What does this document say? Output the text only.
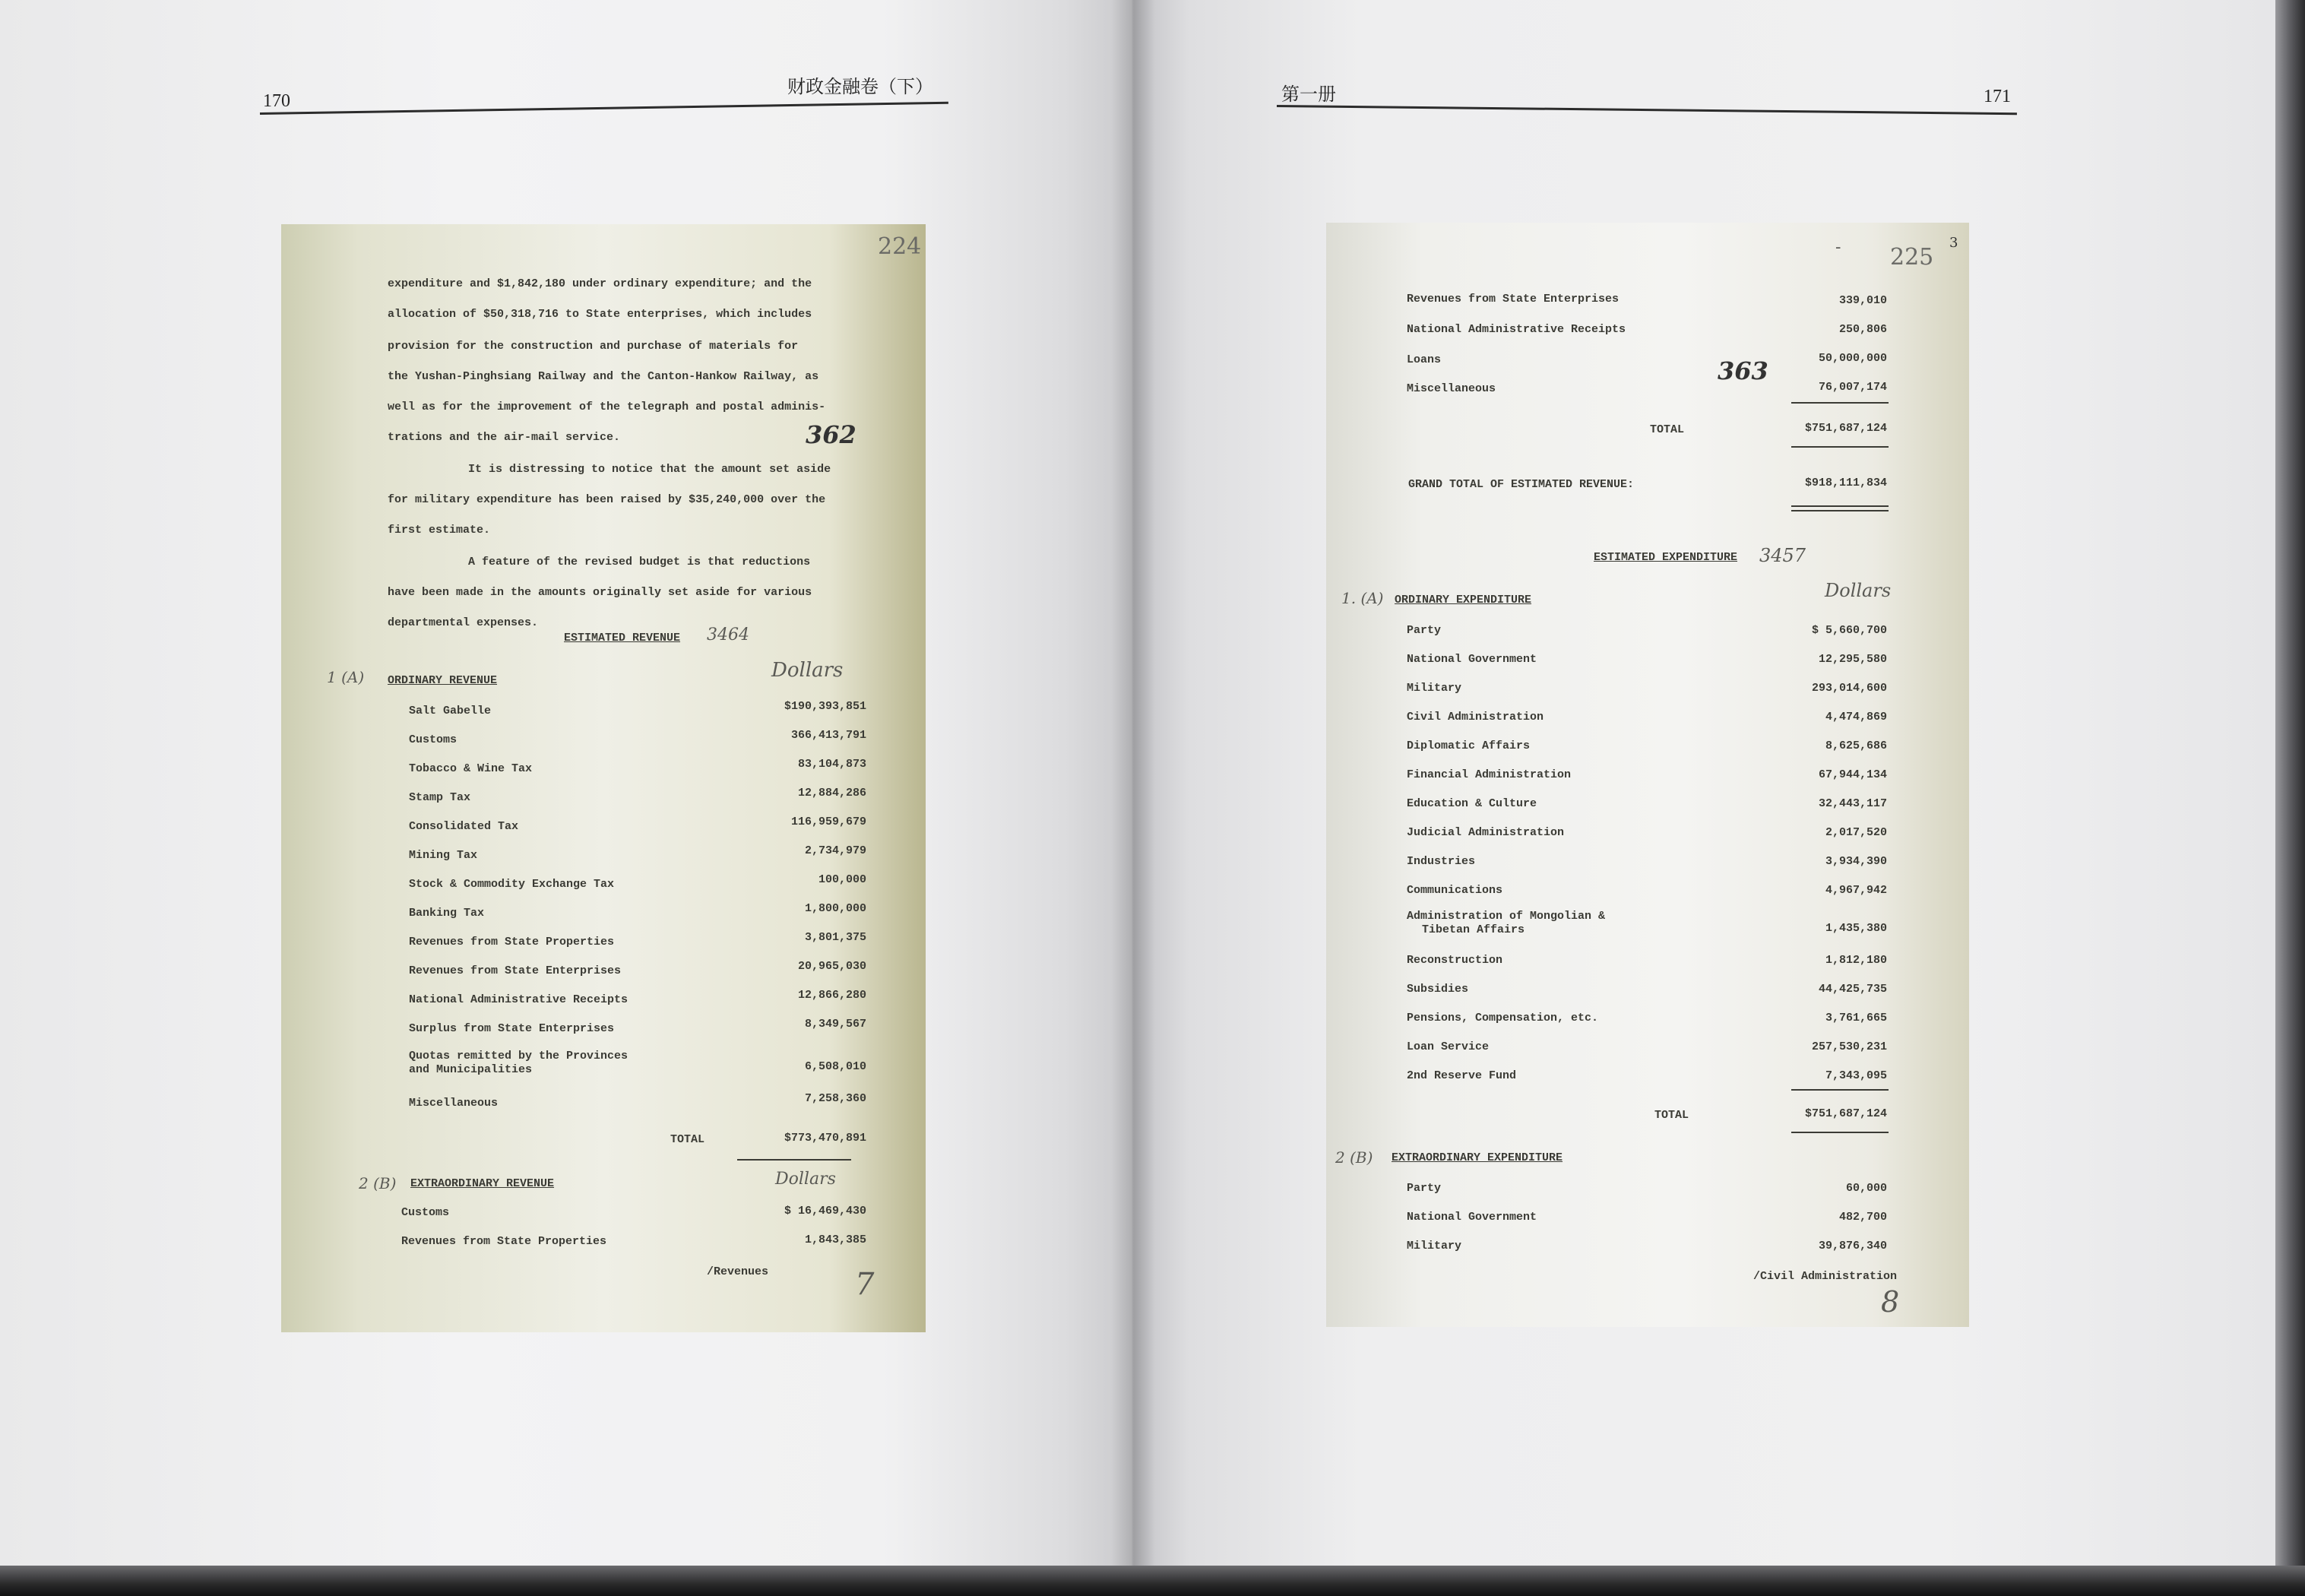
170
财政金融卷（下）	第一册	171
224
expenditure and $1,842,180 under ordinary expenditure; and the
allocation of $50,318,716 to State enterprises, which includes
provision for the construction and purchase of materials for
the Yushan-Pinghsiang Railway and the Canton-Hankow Railway, as
well as for the improvement of the telegraph and postal adminis-
trations and the air-mail service.	362
It is distressing to notice that the amount set aside
for military expenditure has been raised by $35,240,000 over the
first estimate.
A feature of the revised budget is that reductions
have been made in the amounts originally set aside for various
departmental expenses.
ESTIMATED REVENUE 3464
1 (A) ORDINARY REVENUE	Dollars
Salt Gabelle	$190,393,851
Customs	366,413,791
Tobacco & Wine Tax	83,104,873
Stamp Tax	12,884,286
Consolidated Tax	116,959,679
Mining Tax	2,734,979
Stock & Commodity Exchange Tax	100,000
Banking Tax	1,800,000
Revenues from State Properties	3,801,375
Revenues from State Enterprises	20,965,030
National Administrative Receipts	12,866,280
Surplus from State Enterprises	8,349,567
Quotas remitted by the Provinces
and Municipalities	6,508,010
Miscellaneous	7,258,360
TOTAL	$773,470,891
2 (B) EXTRAORDINARY REVENUE	Dollars
Customs	$ 16,469,430
Revenues from State Properties	1,843,385
/Revenues	7
- 225
3
Revenues from State Enterprises	339,010
National Administrative Receipts	250,806
Loans	50,000,000
363
Miscellaneous	76,007,174
TOTAL	$751,687,124
GRAND TOTAL OF ESTIMATED REVENUE:	$918,111,834
ESTIMATED EXPENDITURE 3457
1. (A) ORDINARY EXPENDITURE	Dollars
Party	$ 5,660,700
National Government	12,295,580
Military	293,014,600
Civil Administration	4,474,869
Diplomatic Affairs	8,625,686
Financial Administration	67,944,134
Education & Culture	32,443,117
Judicial Administration	2,017,520
Industries	3,934,390
Communications	4,967,942
Administration of Mongolian &
Tibetan Affairs	1,435,380
Reconstruction	1,812,180
Subsidies	44,425,735
Pensions, Compensation, etc.	3,761,665
Loan Service	257,530,231
2nd Reserve Fund	7,343,095
TOTAL	$751,687,124
2 (B) EXTRAORDINARY EXPENDITURE
Party	60,000
National Government	482,700
Military	39,876,340
/Civil Administration
8
